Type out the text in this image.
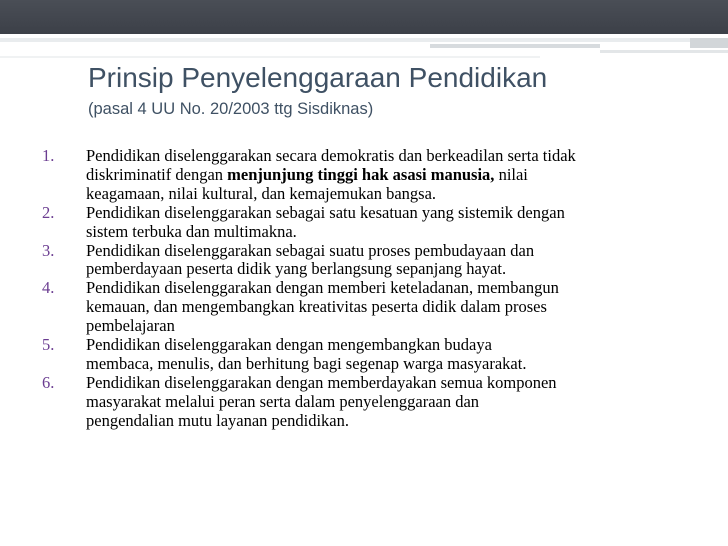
Prinsip Penyelenggaraan Pendidikan
(pasal 4 UU No. 20/2003 ttg Sisdiknas)
1. Pendidikan diselenggarakan secara demokratis dan berkeadilan serta tidak
diskriminatif dengan menjunjung tinggi hak asasi manusia, nilai
keagamaan, nilai kultural, dan kemajemukan bangsa.
2. Pendidikan diselenggarakan sebagai satu kesatuan yang sistemik dengan
sistem terbuka dan multimakna.
3. Pendidikan diselenggarakan sebagai suatu proses pembudayaan dan
pemberdayaan peserta didik yang berlangsung sepanjang hayat.
4. Pendidikan diselenggarakan dengan memberi keteladanan, membangun
kemauan, dan mengembangkan kreativitas peserta didik dalam proses
pembelajaran
5. Pendidikan diselenggarakan dengan mengembangkan budaya
membaca, menulis, dan berhitung bagi segenap warga masyarakat.
6. Pendidikan diselenggarakan dengan memberdayakan semua komponen
masyarakat melalui peran serta dalam penyelenggaraan dan
pengendalian mutu layanan pendidikan.
